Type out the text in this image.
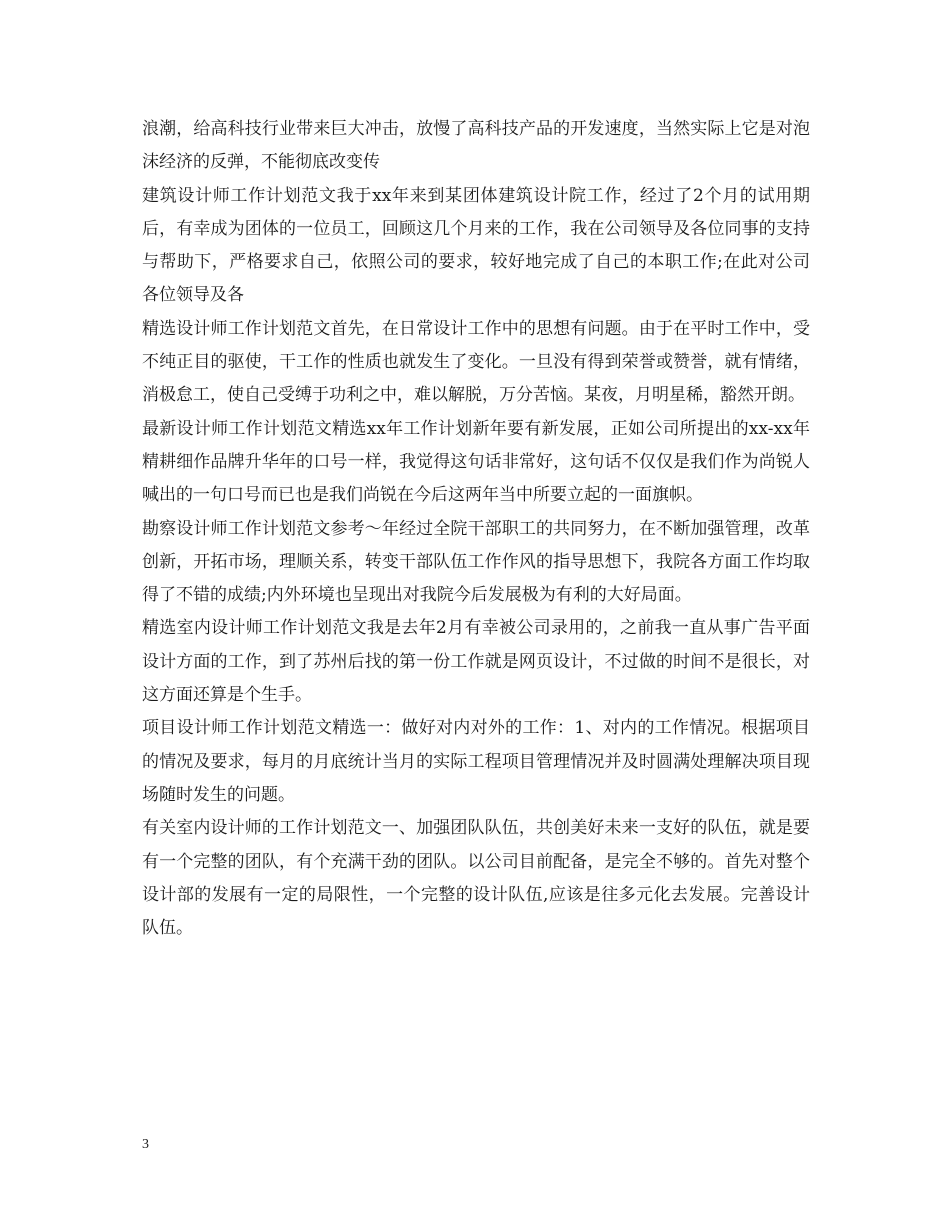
浪潮，给高科技行业带来巨大冲击，放慢了高科技产品的开发速度，当然实际上它是对泡沫经济的反弹，不能彻底改变传

建筑设计师工作计划范文我于xx年来到某团体建筑设计院工作，经过了2个月的试用期后，有幸成为团体的一位员工，回顾这几个月来的工作，我在公司领导及各位同事的支持与帮助下，严格要求自己，依照公司的要求，较好地完成了自己的本职工作;在此对公司各位领导及各

精选设计师工作计划范文首先，在日常设计工作中的思想有问题。由于在平时工作中，受不纯正目的驱使，干工作的性质也就发生了变化。一旦没有得到荣誉或赞誉，就有情绪，消极怠工，使自己受缚于功利之中，难以解脱，万分苦恼。某夜，月明星稀，豁然开朗。

最新设计师工作计划范文精选xx年工作计划新年要有新发展，正如公司所提出的xx-xx年精耕细作品牌升华年的口号一样，我觉得这句话非常好，这句话不仅仅是我们作为尚锐人喊出的一句口号而已也是我们尚锐在今后这两年当中所要立起的一面旗帜。

勘察设计师工作计划范文参考～年经过全院干部职工的共同努力，在不断加强管理，改革创新，开拓市场，理顺关系，转变干部队伍工作作风的指导思想下，我院各方面工作均取得了不错的成绩;内外环境也呈现出对我院今后发展极为有利的大好局面。

精选室内设计师工作计划范文我是去年2月有幸被公司录用的，之前我一直从事广告平面设计方面的工作，到了苏州后找的第一份工作就是网页设计，不过做的时间不是很长，对这方面还算是个生手。

项目设计师工作计划范文精选一：做好对内对外的工作：1、对内的工作情况。根据项目的情况及要求，每月的月底统计当月的实际工程项目管理情况并及时圆满处理解决项目现场随时发生的问题。

有关室内设计师的工作计划范文一、加强团队队伍，共创美好未来一支好的队伍，就是要有一个完整的团队，有个充满干劲的团队。以公司目前配备，是完全不够的。首先对整个设计部的发展有一定的局限性，一个完整的设计队伍,应该是往多元化去发展。完善设计队伍。

3
